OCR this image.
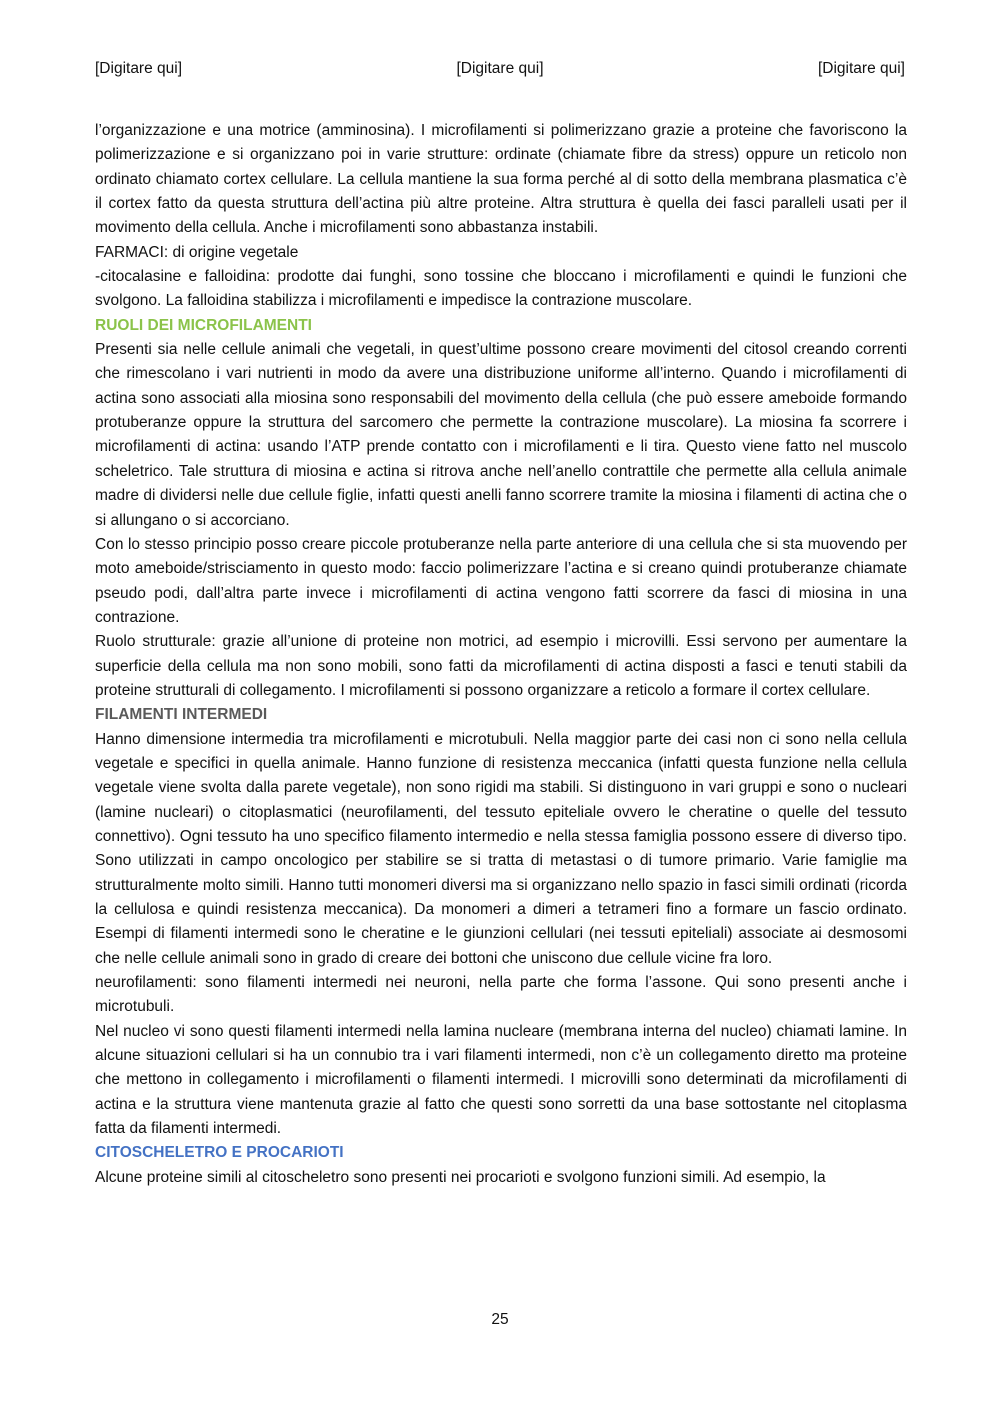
[Digitare qui]	[Digitare qui]	[Digitare qui]

l’organizzazione e una motrice (amminosina). I microfilamenti si polimerizzano grazie a proteine che favoriscono la polimerizzazione e si organizzano poi in varie strutture: ordinate (chiamate fibre da stress) oppure un reticolo non ordinato chiamato cortex cellulare. La cellula mantiene la sua forma perché al di sotto della membrana plasmatica c’è il cortex fatto da questa struttura dell’actina più altre proteine. Altra struttura è quella dei fasci paralleli usati per il movimento della cellula. Anche i microfilamenti sono abbastanza instabili.

FARMACI: di origine vegetale

-citocalasine e falloidina: prodotte dai funghi, sono tossine che bloccano i microfilamenti e quindi le funzioni che svolgono. La falloidina stabilizza i microfilamenti e impedisce la contrazione muscolare.

RUOLI DEI MICROFILAMENTI

Presenti sia nelle cellule animali che vegetali, in quest’ultime possono creare movimenti del citosol creando correnti che rimescolano i vari nutrienti in modo da avere una distribuzione uniforme all’interno. Quando i microfilamenti di actina sono associati alla miosina sono responsabili del movimento della cellula (che può essere ameboide formando protuberanze oppure la struttura del sarcomero che permette la contrazione muscolare). La miosina fa scorrere i microfilamenti di actina: usando l’ATP prende contatto con i microfilamenti e li tira. Questo viene fatto nel muscolo scheletrico. Tale struttura di miosina e actina si ritrova anche nell’anello contrattile che permette alla cellula animale madre di dividersi nelle due cellule figlie, infatti questi anelli fanno scorrere tramite la miosina i filamenti di actina che o si allungano o si accorciano.

Con lo stesso principio posso creare piccole protuberanze nella parte anteriore di una cellula che si sta muovendo per moto ameboide/strisciamento in questo modo: faccio polimerizzare l’actina e si creano quindi protuberanze chiamate pseudo podi, dall’altra parte invece i microfilamenti di actina vengono fatti scorrere da fasci di miosina in una contrazione.

Ruolo strutturale: grazie all’unione di proteine non motrici, ad esempio i microvilli. Essi servono per aumentare la superficie della cellula ma non sono mobili, sono fatti da microfilamenti di actina disposti a fasci e tenuti stabili da proteine strutturali di collegamento. I microfilamenti si possono organizzare a reticolo a formare il cortex cellulare.

FILAMENTI INTERMEDI

Hanno dimensione intermedia tra microfilamenti e microtubuli. Nella maggior parte dei casi non ci sono nella cellula vegetale e specifici in quella animale. Hanno funzione di resistenza meccanica (infatti questa funzione nella cellula vegetale viene svolta dalla parete vegetale), non sono rigidi ma stabili. Si distinguono in vari gruppi e sono o nucleari (lamine nucleari) o citoplasmatici (neurofilamenti, del tessuto epiteliale ovvero le cheratine o quelle del tessuto connettivo). Ogni tessuto ha uno specifico filamento intermedio e nella stessa famiglia possono essere di diverso tipo. Sono utilizzati in campo oncologico per stabilire se si tratta di metastasi o di tumore primario. Varie famiglie ma strutturalmente molto simili. Hanno tutti monomeri diversi ma si organizzano nello spazio in fasci simili ordinati (ricorda la cellulosa e quindi resistenza meccanica). Da monomeri a dimeri a tetrameri fino a formare un fascio ordinato. Esempi di filamenti intermedi sono le cheratine e le giunzioni cellulari (nei tessuti epiteliali) associate ai desmosomi che nelle cellule animali sono in grado di creare dei bottoni che uniscono due cellule vicine fra loro.

neurofilamenti: sono filamenti intermedi nei neuroni, nella parte che forma l’assone. Qui sono presenti anche i microtubuli.

Nel nucleo vi sono questi filamenti intermedi nella lamina nucleare (membrana interna del nucleo) chiamati lamine. In alcune situazioni cellulari si ha un connubio tra i vari filamenti intermedi, non c’è un collegamento diretto ma proteine che mettono in collegamento i microfilamenti o filamenti intermedi. I microvilli sono determinati da microfilamenti di actina e la struttura viene mantenuta grazie al fatto che questi sono sorretti da una base sottostante nel citoplasma fatta da filamenti intermedi.

CITOSCHELETRO E PROCARIOTI

Alcune proteine simili al citoscheletro sono presenti nei procarioti e svolgono funzioni simili. Ad esempio, la

25
